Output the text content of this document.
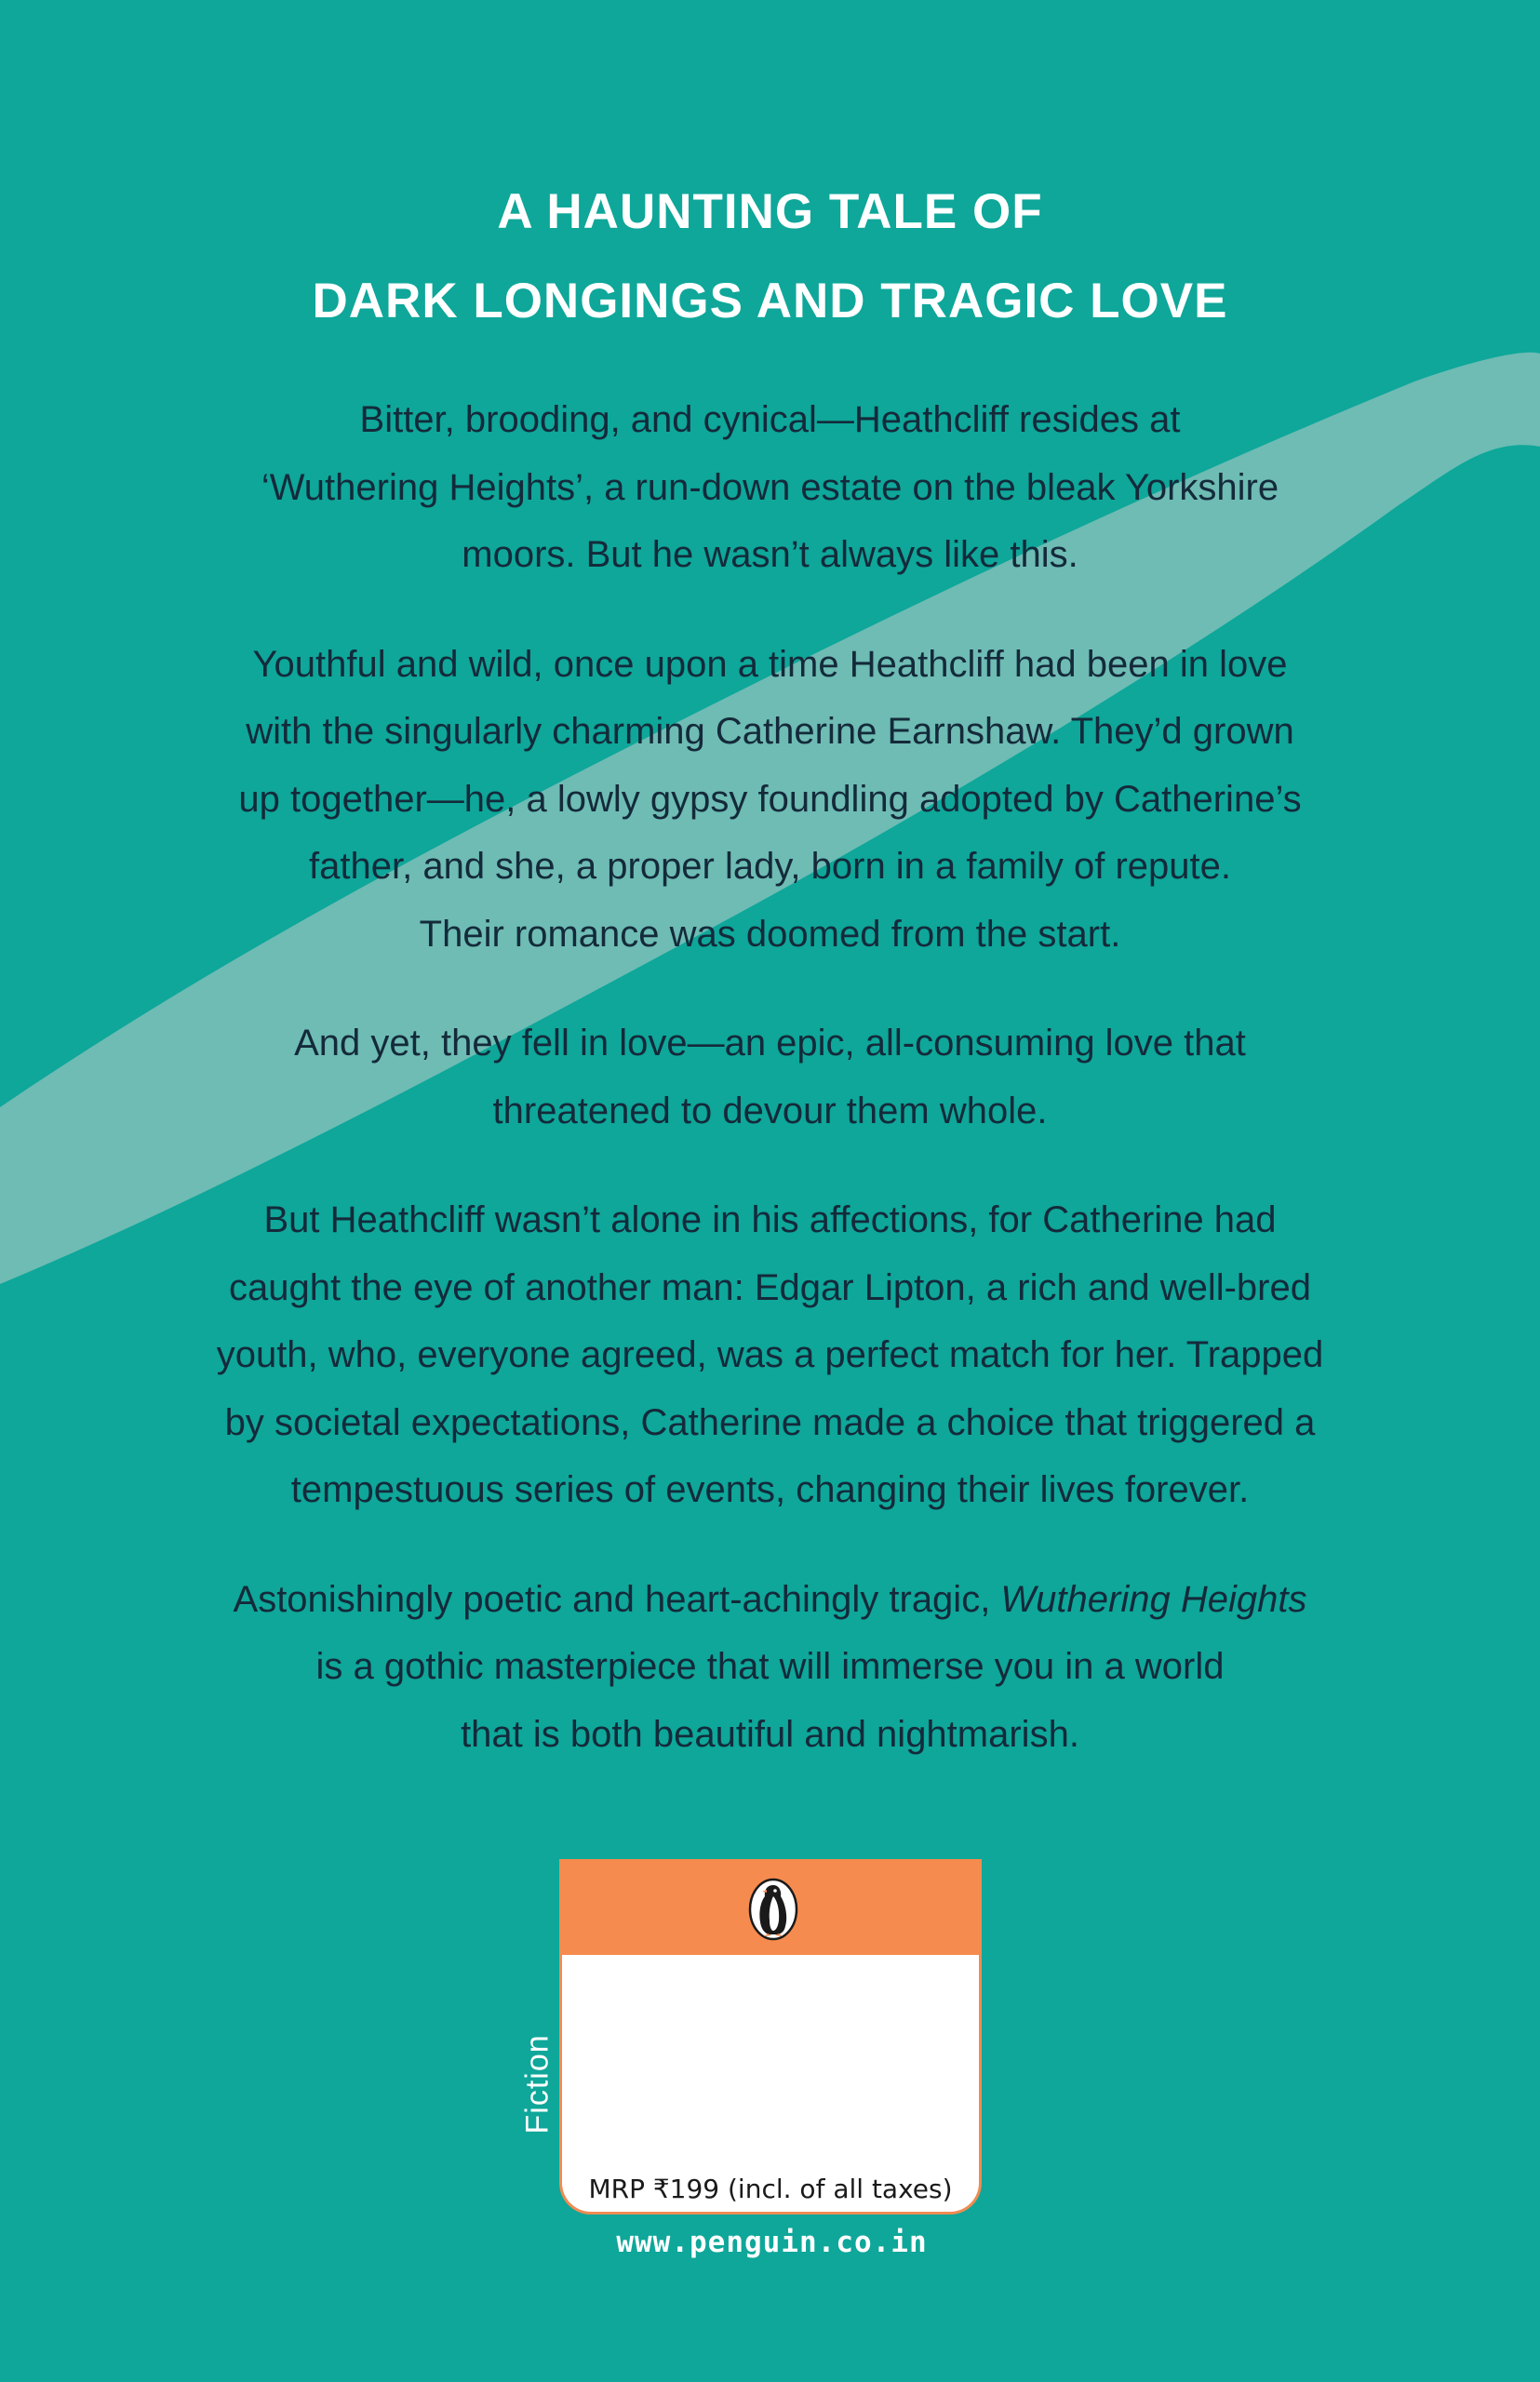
A HAUNTING TALE OF
DARK LONGINGS AND TRAGIC LOVE

Bitter, brooding, and cynical—Heathcliff resides at
‘Wuthering Heights’, a run-down estate on the bleak Yorkshire
moors. But he wasn’t always like this.

Youthful and wild, once upon a time Heathcliff had been in love
with the singularly charming Catherine Earnshaw. They’d grown
up together—he, a lowly gypsy foundling adopted by Catherine’s
father, and she, a proper lady, born in a family of repute.
Their romance was doomed from the start.

And yet, they fell in love—an epic, all-consuming love that
threatened to devour them whole.

But Heathcliff wasn’t alone in his affections, for Catherine had
caught the eye of another man: Edgar Lipton, a rich and well-bred
youth, who, everyone agreed, was a perfect match for her. Trapped
by societal expectations, Catherine made a choice that triggered a
tempestuous series of events, changing their lives forever.

Astonishingly poetic and heart-achingly tragic, Wuthering Heights
is a gothic masterpiece that will immerse you in a world
that is both beautiful and nightmarish.

Fiction
MRP ₹199 (incl. of all taxes)
www.penguin.co.in
